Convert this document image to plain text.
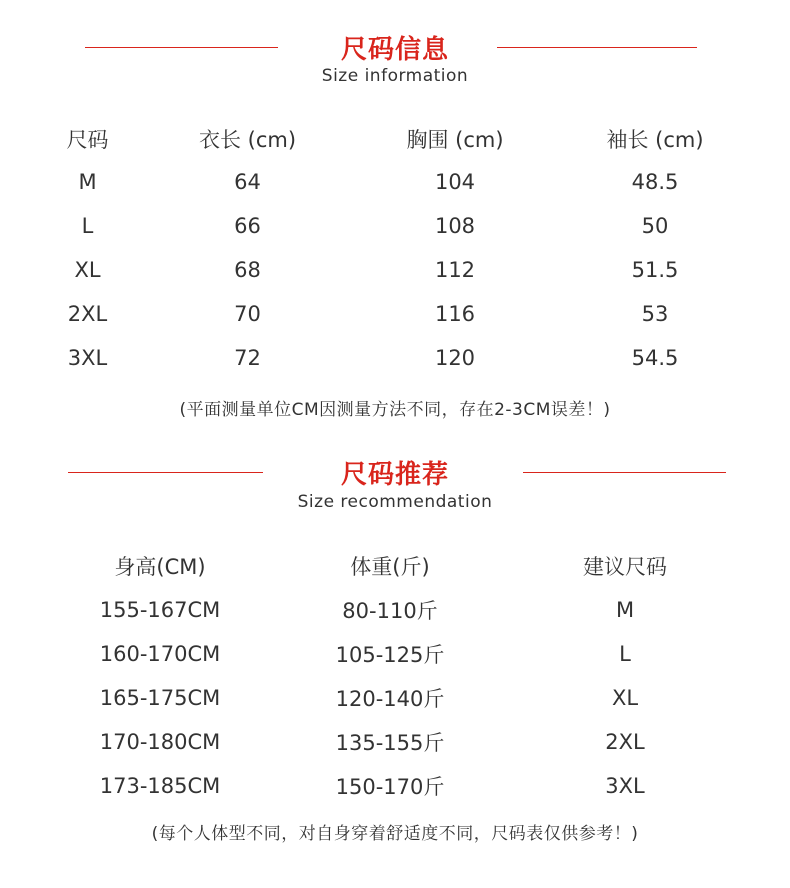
尺码信息
Size information
尺码	衣长 (cm)	胸围 (cm)	袖长 (cm)
M	64	104	48.5
L	66	108	50
XL	68	112	51.5
2XL	70	116	53
3XL	72	120	54.5
(平面测量单位CM因测量方法不同，存在2-3CM误差！)
尺码推荐
Size recommendation
身高(CM)	体重(斤)	建议尺码
155-167CM	80-110斤	M
160-170CM	105-125斤	L
165-175CM	120-140斤	XL
170-180CM	135-155斤	2XL
173-185CM	150-170斤	3XL
(每个人体型不同，对自身穿着舒适度不同，尺码表仅供参考！)
